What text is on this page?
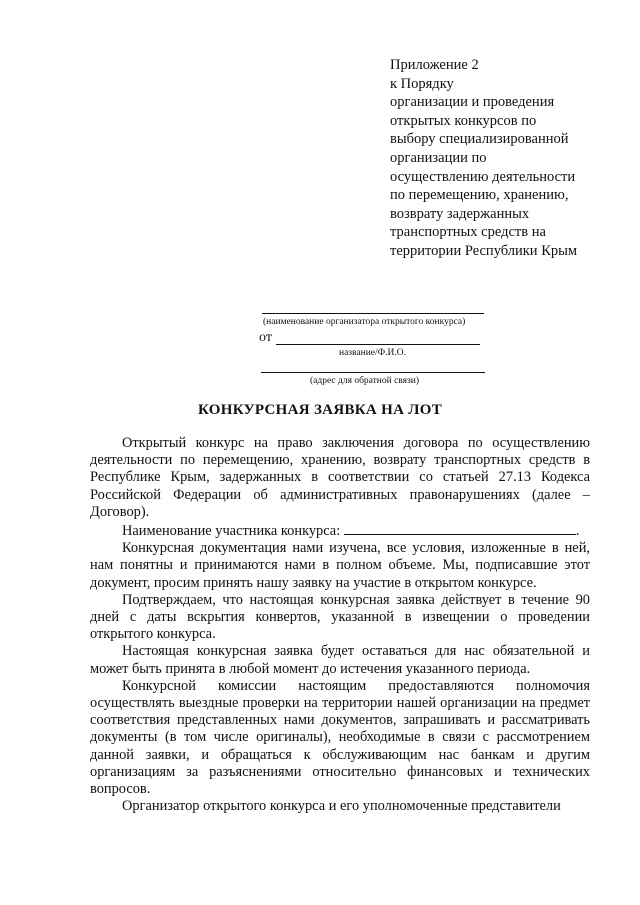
Приложение 2
к Порядку
организации и проведения
открытых конкурсов по
выбору специализированной
организации по
осуществлению деятельности
по перемещению, хранению,
возврату задержанных
транспортных средств на
территории Республики Крым
(наименование организатора открытого конкурса)
от
название/Ф.И.О.
(адрес для обратной связи)
КОНКУРСНАЯ ЗАЯВКА НА ЛОТ

Открытый конкурс на право заключения договора по осуществлению деятельности по перемещению, хранению, возврату транспортных средств в Республике Крым, задержанных в соответствии со статьей 27.13 Кодекса Российской Федерации об административных правонарушениях (далее – Договор).

Наименование участника конкурса:	.

Конкурсная документация нами изучена, все условия, изложенные в ней, нам понятны и принимаются нами в полном объеме. Мы, подписавшие этот документ, просим принять нашу заявку на участие в открытом конкурсе.

Подтверждаем, что настоящая конкурсная заявка действует в течение 90 дней с даты вскрытия конвертов, указанной в извещении о проведении открытого конкурса.

Настоящая конкурсная заявка будет оставаться для нас обязательной и может быть принята в любой момент до истечения указанного периода.

Конкурсной комиссии настоящим предоставляются полномочия осуществлять выездные проверки на территории нашей организации на предмет соответствия представленных нами документов, запрашивать и рассматривать документы (в том числе оригиналы), необходимые в связи с рассмотрением данной заявки, и обращаться к обслуживающим нас банкам и другим организациям за разъяснениями относительно финансовых и технических вопросов.

Организатор открытого конкурса и его уполномоченные представители
